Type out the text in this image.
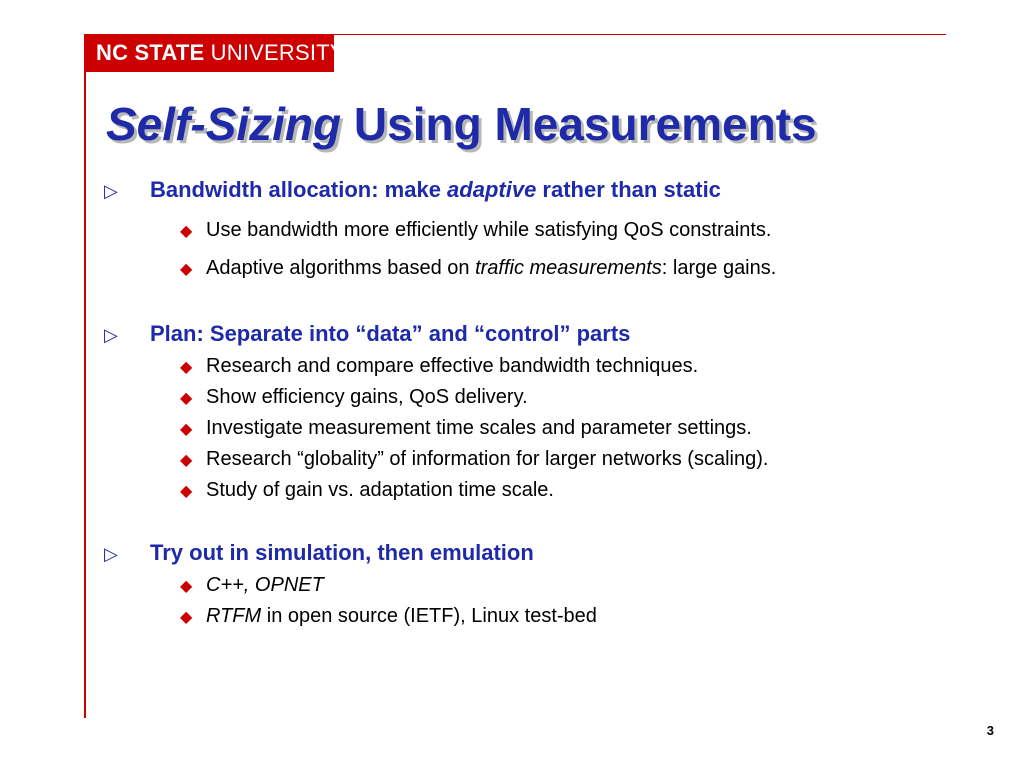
NC STATE UNIVERSITY
Self-Sizing Using Measurements
▷ Bandwidth allocation: make adaptive rather than static
◆ Use bandwidth more efficiently while satisfying QoS constraints.
◆ Adaptive algorithms based on traffic measurements: large gains.
▷ Plan: Separate into “data” and “control” parts
◆ Research and compare effective bandwidth techniques.
◆ Show efficiency gains, QoS delivery.
◆ Investigate measurement time scales and parameter settings.
◆ Research “globality” of information for larger networks (scaling).
◆ Study of gain vs. adaptation time scale.
▷ Try out in simulation, then emulation
◆ C++, OPNET
◆ RTFM in open source (IETF), Linux test-bed
3
